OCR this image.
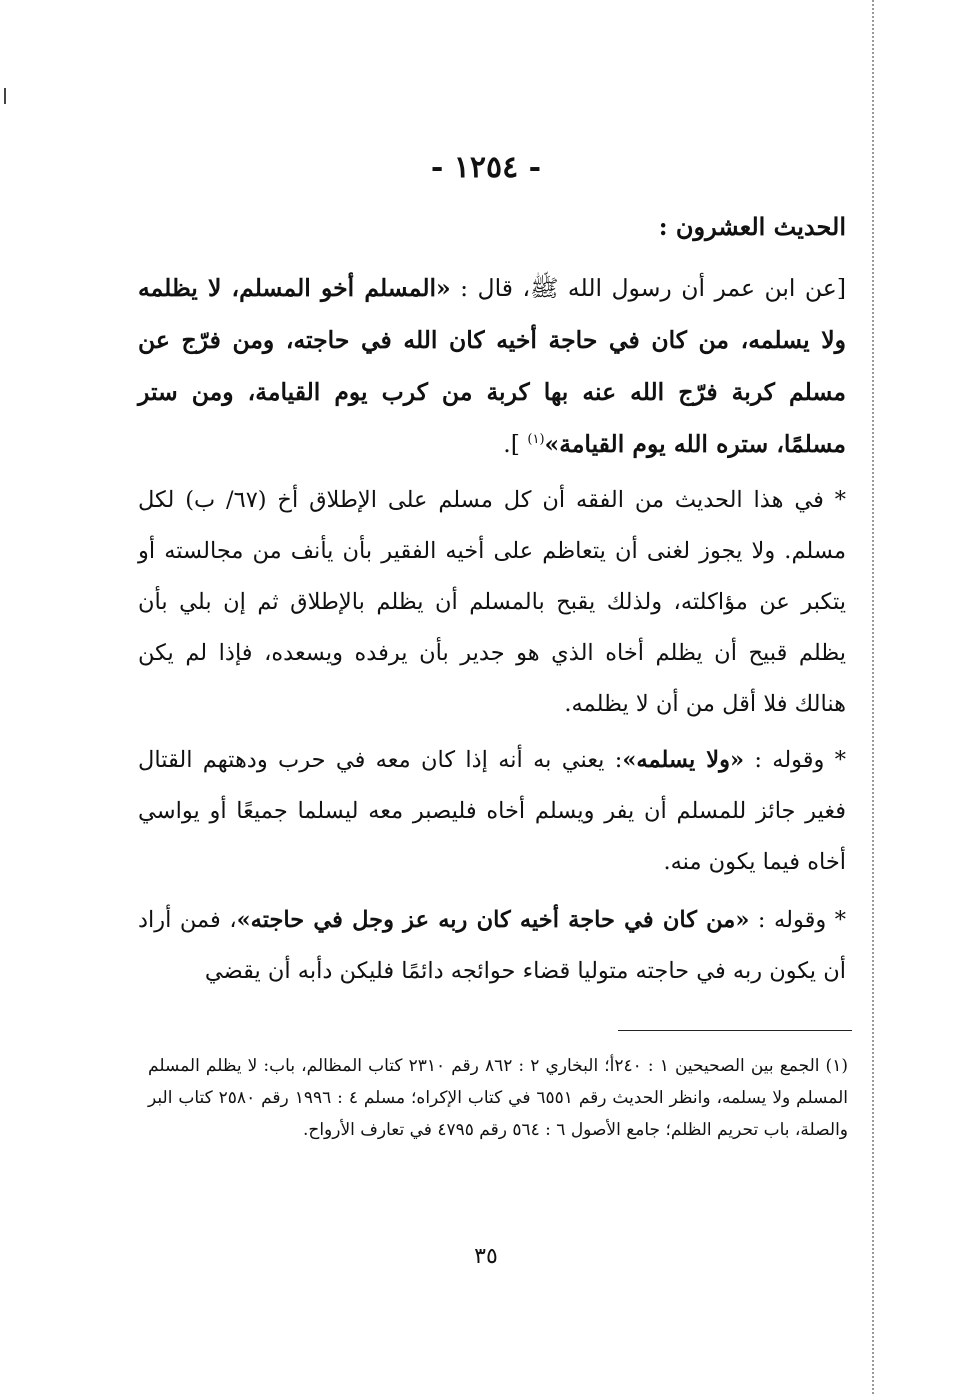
- ١٢٥٤ -
الحديث العشرون :
[عن ابن عمر أن رسول الله ﷺ، قال : «المسلم أخو المسلم، لا يظلمه ولا يسلمه، من كان في حاجة أخيه كان الله في حاجته، ومن فرّج عن مسلم كربة فرّج الله عنه بها كربة من كرب يوم القيامة، ومن ستر مسلمًا، ستره الله يوم القيامة»$^{(١)}$ ].
* في هذا الحديث من الفقه أن كل مسلم على الإطلاق أخ (٦٧/ ب) لكل مسلم. ولا يجوز لغنى أن يتعاظم على أخيه الفقير بأن يأنف من مجالسته أو يتكبر عن مؤاكلته، ولذلك يقبح بالمسلم أن يظلم بالإطلاق ثم إن بلي بأن يظلم قبيح أن يظلم أخاه الذي هو جدير بأن يرفده ويسعده، فإذا لم يكن هنالك فلا أقل من أن لا يظلمه.
* وقوله : «ولا يسلمه»: يعني به أنه إذا كان معه في حرب ودهتهم القتال فغير جائز للمسلم أن يفر ويسلم أخاه فليصبر معه ليسلما جميعًا أو يواسي أخاه فيما يكون منه.
* وقوله : «من كان في حاجة أخيه كان ربه عز وجل في حاجته»، فمن أراد أن يكون ربه في حاجته متوليا قضاء حوائجه دائمًا فليكن دأبه أن يقضي
(١) الجمع بين الصحيحين ١ : ٢٤٠أ؛ البخاري ٢ : ٨٦٢ رقم ٢٣١٠ كتاب المظالم، باب: لا يظلم المسلم المسلم ولا يسلمه، وانظر الحديث رقم ٦٥٥١ في كتاب الإكراه؛ مسلم ٤ : ١٩٩٦ رقم ٢٥٨٠ كتاب البر والصلة، باب تحريم الظلم؛ جامع الأصول ٦ : ٥٦٤ رقم ٤٧٩٥ في تعارف الأرواح.
٣٥
